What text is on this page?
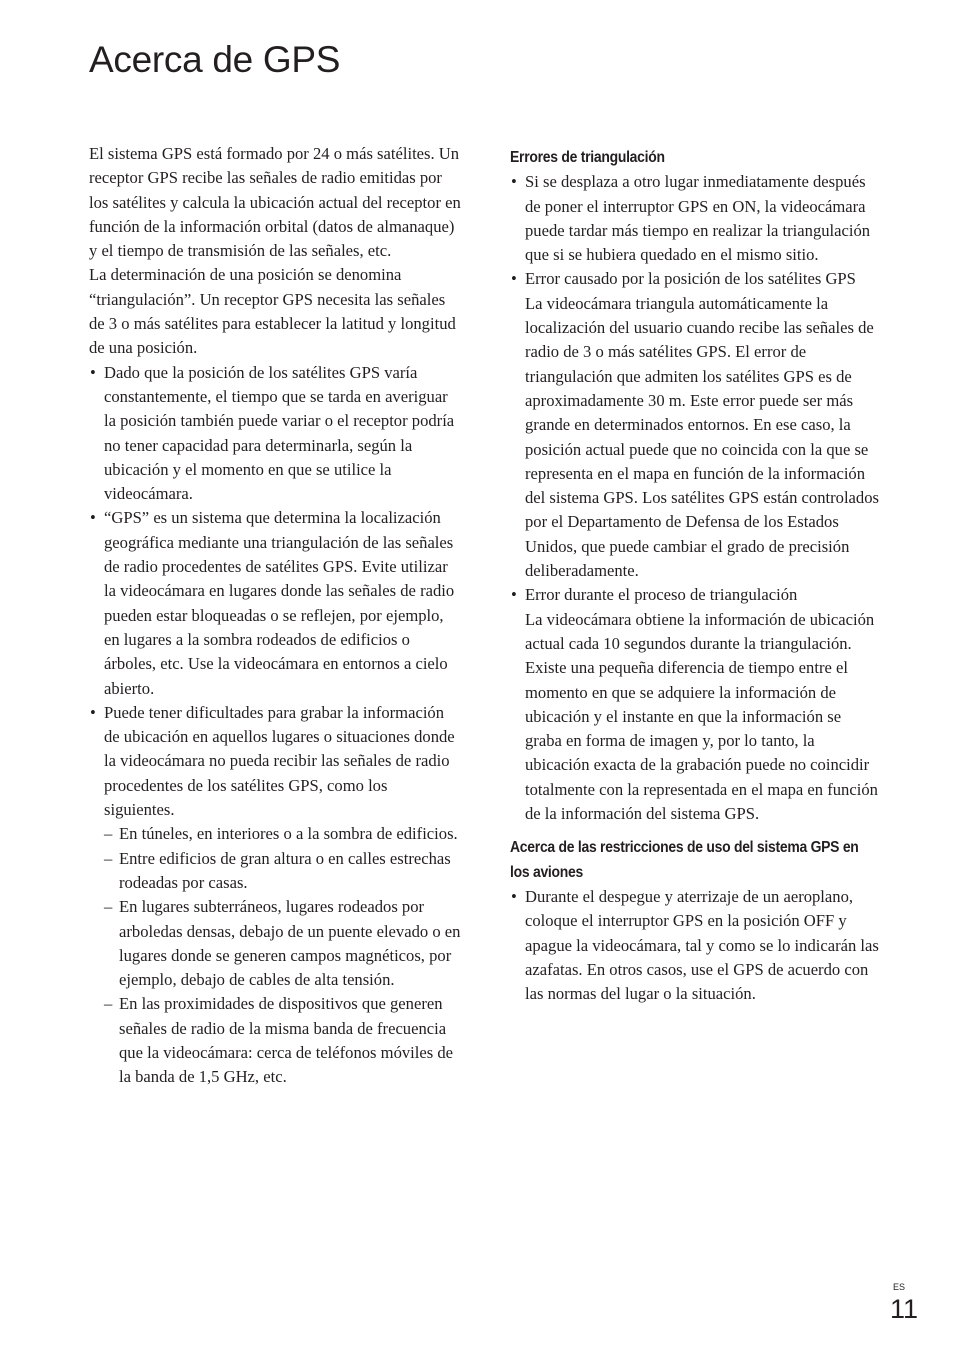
Acerca de GPS

El sistema GPS está formado por 24 o más satélites. Un receptor GPS recibe las señales de radio emitidas por los satélites y calcula la ubicación actual del receptor en función de la información orbital (datos de almanaque) y el tiempo de transmisión de las señales, etc.

La determinación de una posición se denomina “triangulación”. Un receptor GPS necesita las señales de 3 o más satélites para establecer la latitud y longitud de una posición.

• Dado que la posición de los satélites GPS varía constantemente, el tiempo que se tarda en averiguar la posición también puede variar o el receptor podría no tener capacidad para determinarla, según la ubicación y el momento en que se utilice la videocámara.
• “GPS” es un sistema que determina la localización geográfica mediante una triangulación de las señales de radio procedentes de satélites GPS. Evite utilizar la videocámara en lugares donde las señales de radio pueden estar bloqueadas o se reflejen, por ejemplo, en lugares a la sombra rodeados de edificios o árboles, etc. Use la videocámara en entornos a cielo abierto.
• Puede tener dificultades para grabar la información de ubicación en aquellos lugares o situaciones donde la videocámara no pueda recibir las señales de radio procedentes de los satélites GPS, como los siguientes.
– En túneles, en interiores o a la sombra de edificios.
– Entre edificios de gran altura o en calles estrechas rodeadas por casas.
– En lugares subterráneos, lugares rodeados por arboledas densas, debajo de un puente elevado o en lugares donde se generen campos magnéticos, por ejemplo, debajo de cables de alta tensión.
– En las proximidades de dispositivos que generen señales de radio de la misma banda de frecuencia que la videocámara: cerca de teléfonos móviles de la banda de 1,5 GHz, etc.
Errores de triangulación
• Si se desplaza a otro lugar inmediatamente después de poner el interruptor GPS en ON, la videocámara puede tardar más tiempo en realizar la triangulación que si se hubiera quedado en el mismo sitio.
• Error causado por la posición de los satélites GPS
La videocámara triangula automáticamente la localización del usuario cuando recibe las señales de radio de 3 o más satélites GPS. El error de triangulación que admiten los satélites GPS es de aproximadamente 30 m. Este error puede ser más grande en determinados entornos. En ese caso, la posición actual puede que no coincida con la que se representa en el mapa en función de la información del sistema GPS. Los satélites GPS están controlados por el Departamento de Defensa de los Estados Unidos, que puede cambiar el grado de precisión deliberadamente.
• Error durante el proceso de triangulación
La videocámara obtiene la información de ubicación actual cada 10 segundos durante la triangulación.
Existe una pequeña diferencia de tiempo entre el momento en que se adquiere la información de ubicación y el instante en que la información se graba en forma de imagen y, por lo tanto, la ubicación exacta de la grabación puede no coincidir totalmente con la representada en el mapa en función de la información del sistema GPS.
Acerca de las restricciones de uso del sistema GPS en los aviones
• Durante el despegue y aterrizaje de un aeroplano, coloque el interruptor GPS en la posición OFF y apague la videocámara, tal y como se lo indicarán las azafatas. En otros casos, use el GPS de acuerdo con las normas del lugar o la situación.
ES
11
